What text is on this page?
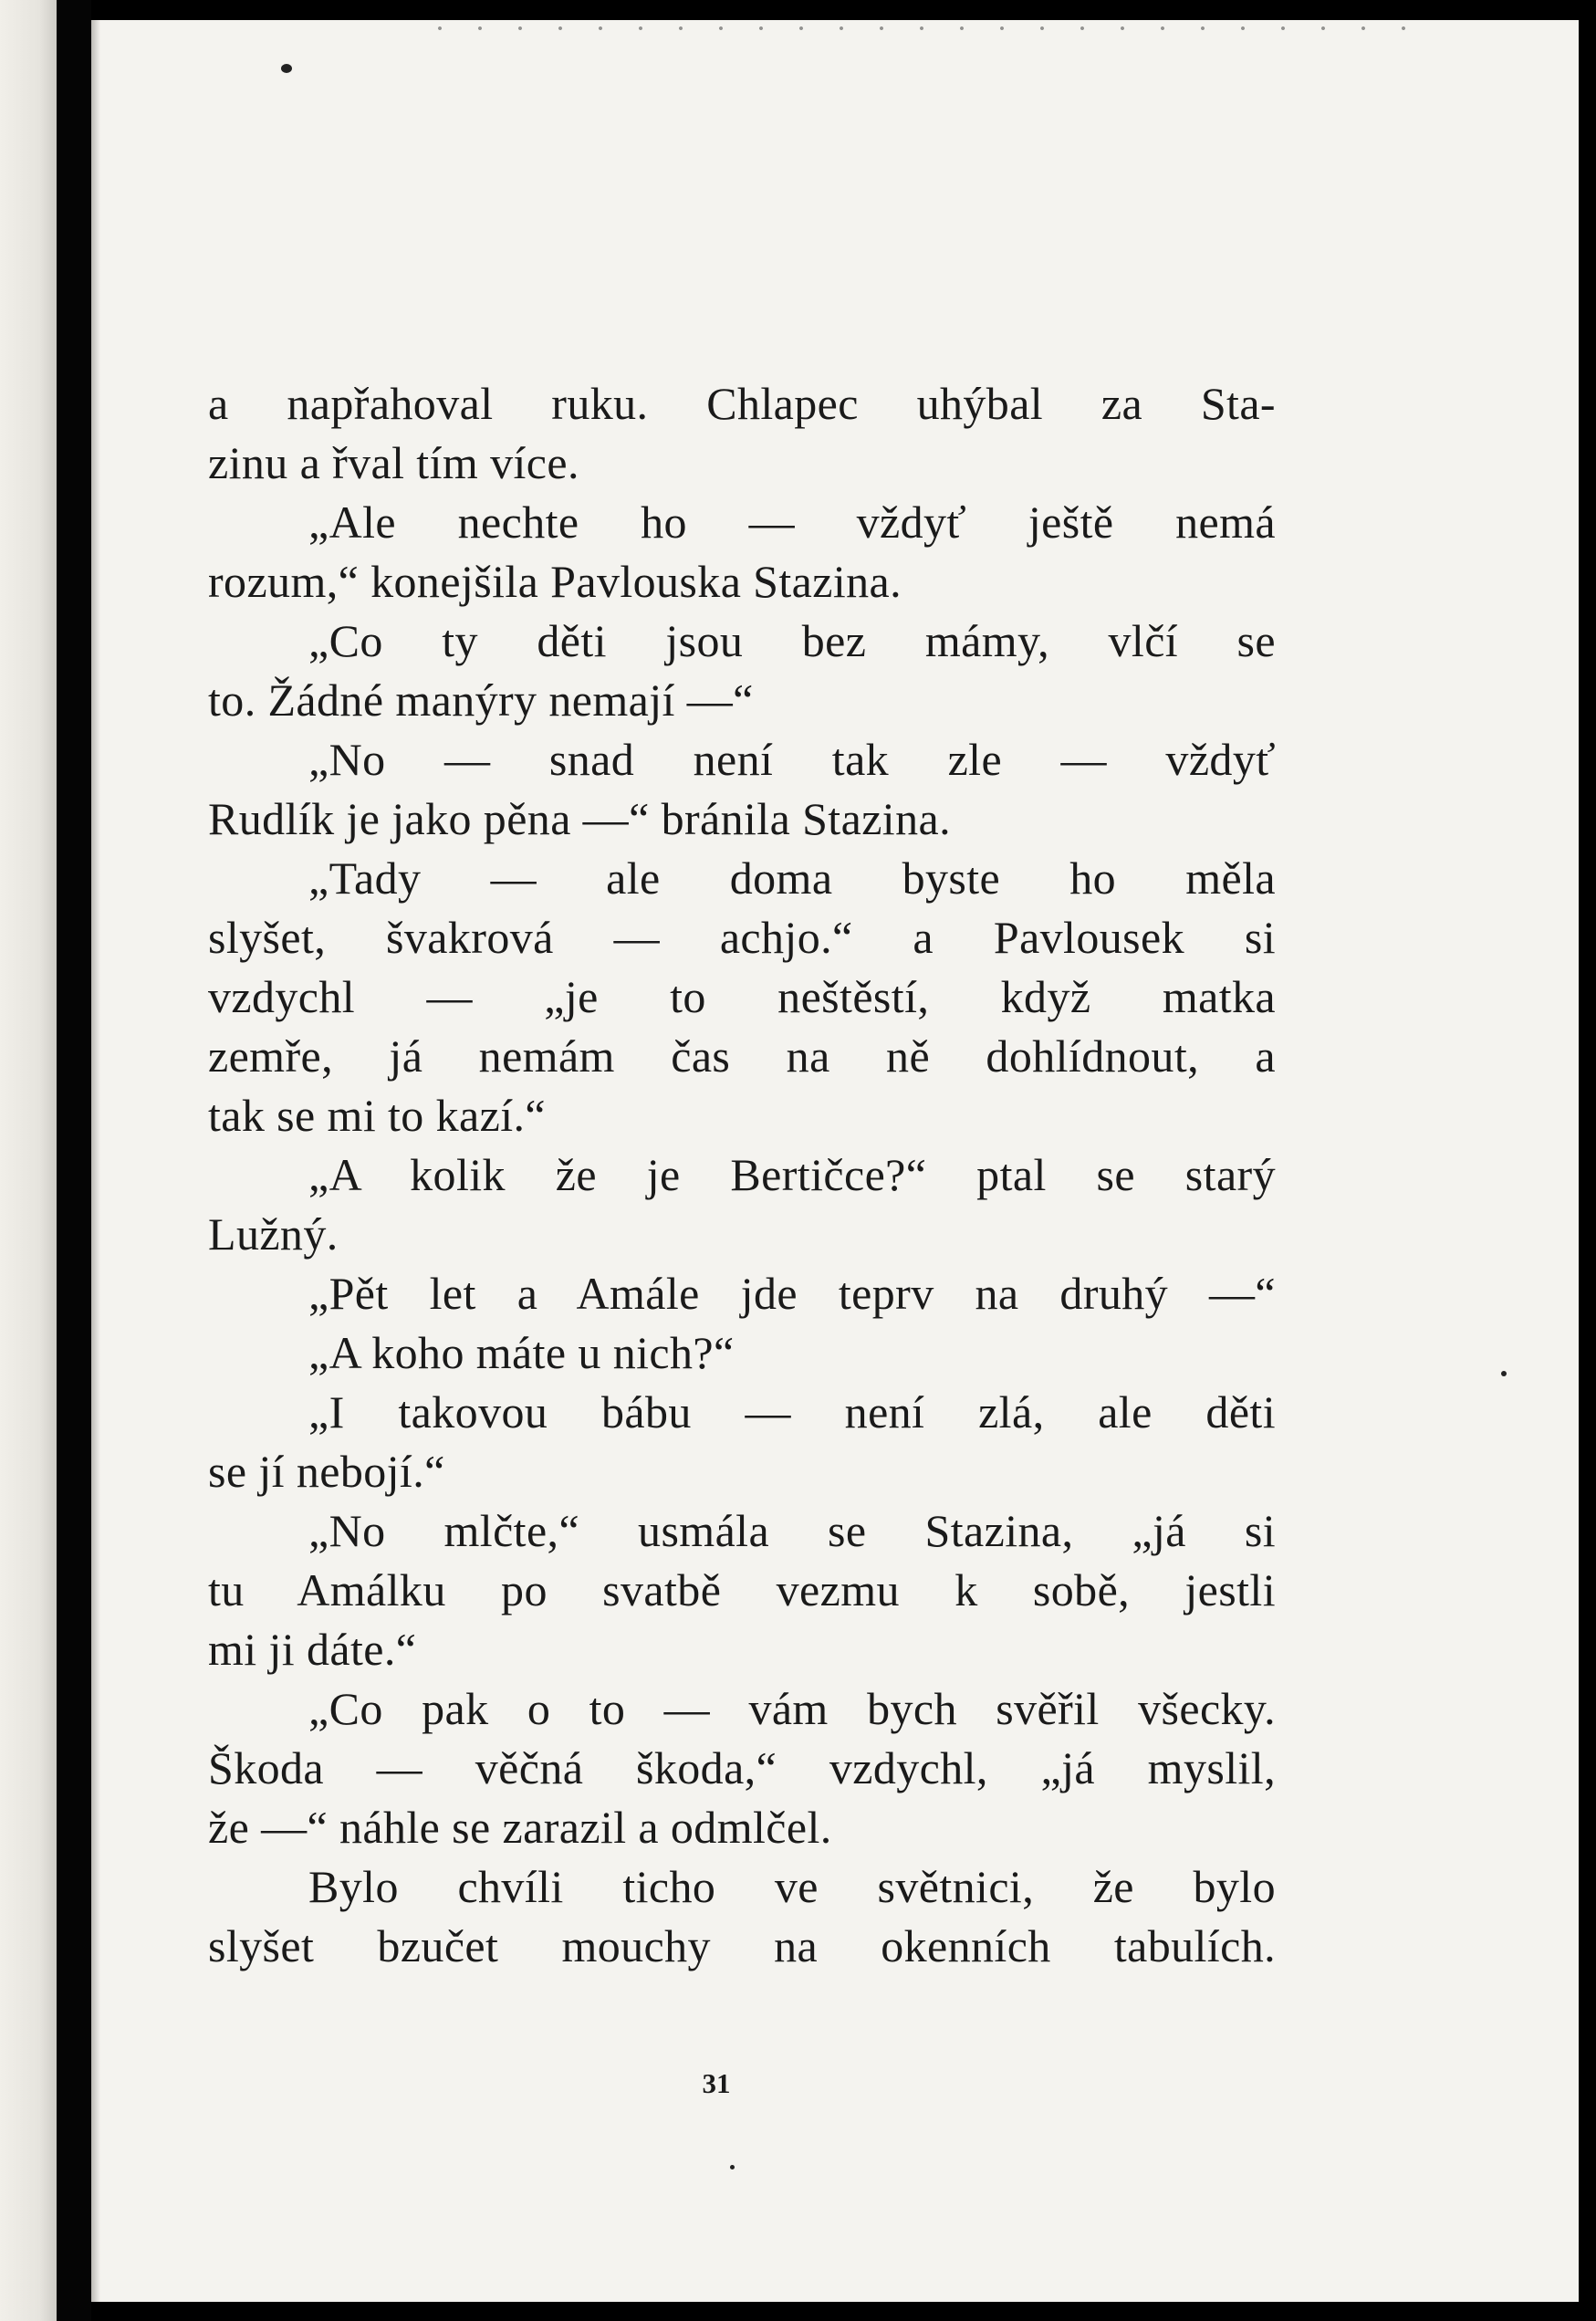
a napřahoval ruku. Chlapec uhýbal za Sta-
zinu a řval tím více.
„Ale nechte ho — vždyť ještě nemá
rozum,“ konejšila Pavlouska Stazina.
„Co ty děti jsou bez mámy, vlčí se
to. Žádné manýry nemají —“
„No — snad není tak zle — vždyť
Rudlík je jako pěna —“ bránila Stazina.
„Tady — ale doma byste ho měla
slyšet, švakrová — achjo.“ a Pavlousek si
vzdychl — „je to neštěstí, když matka
zemře, já nemám čas na ně dohlídnout, a
tak se mi to kazí.“
„A kolik že je Bertičce?“ ptal se starý
Lužný.
„Pět let a Amále jde teprv na druhý —“
„A koho máte u nich?“
„I takovou bábu — není zlá, ale děti
se jí nebojí.“
„No mlčte,“ usmála se Stazina, „já si
tu Amálku po svatbě vezmu k sobě, jestli
mi ji dáte.“
„Co pak o to — vám bych svěřil všecky.
Škoda — věčná škoda,“ vzdychl, „já myslil,
že —“ náhle se zarazil a odmlčel.
Bylo chvíli ticho ve světnici, že bylo
slyšet bzučet mouchy na okenních tabulích.
31
